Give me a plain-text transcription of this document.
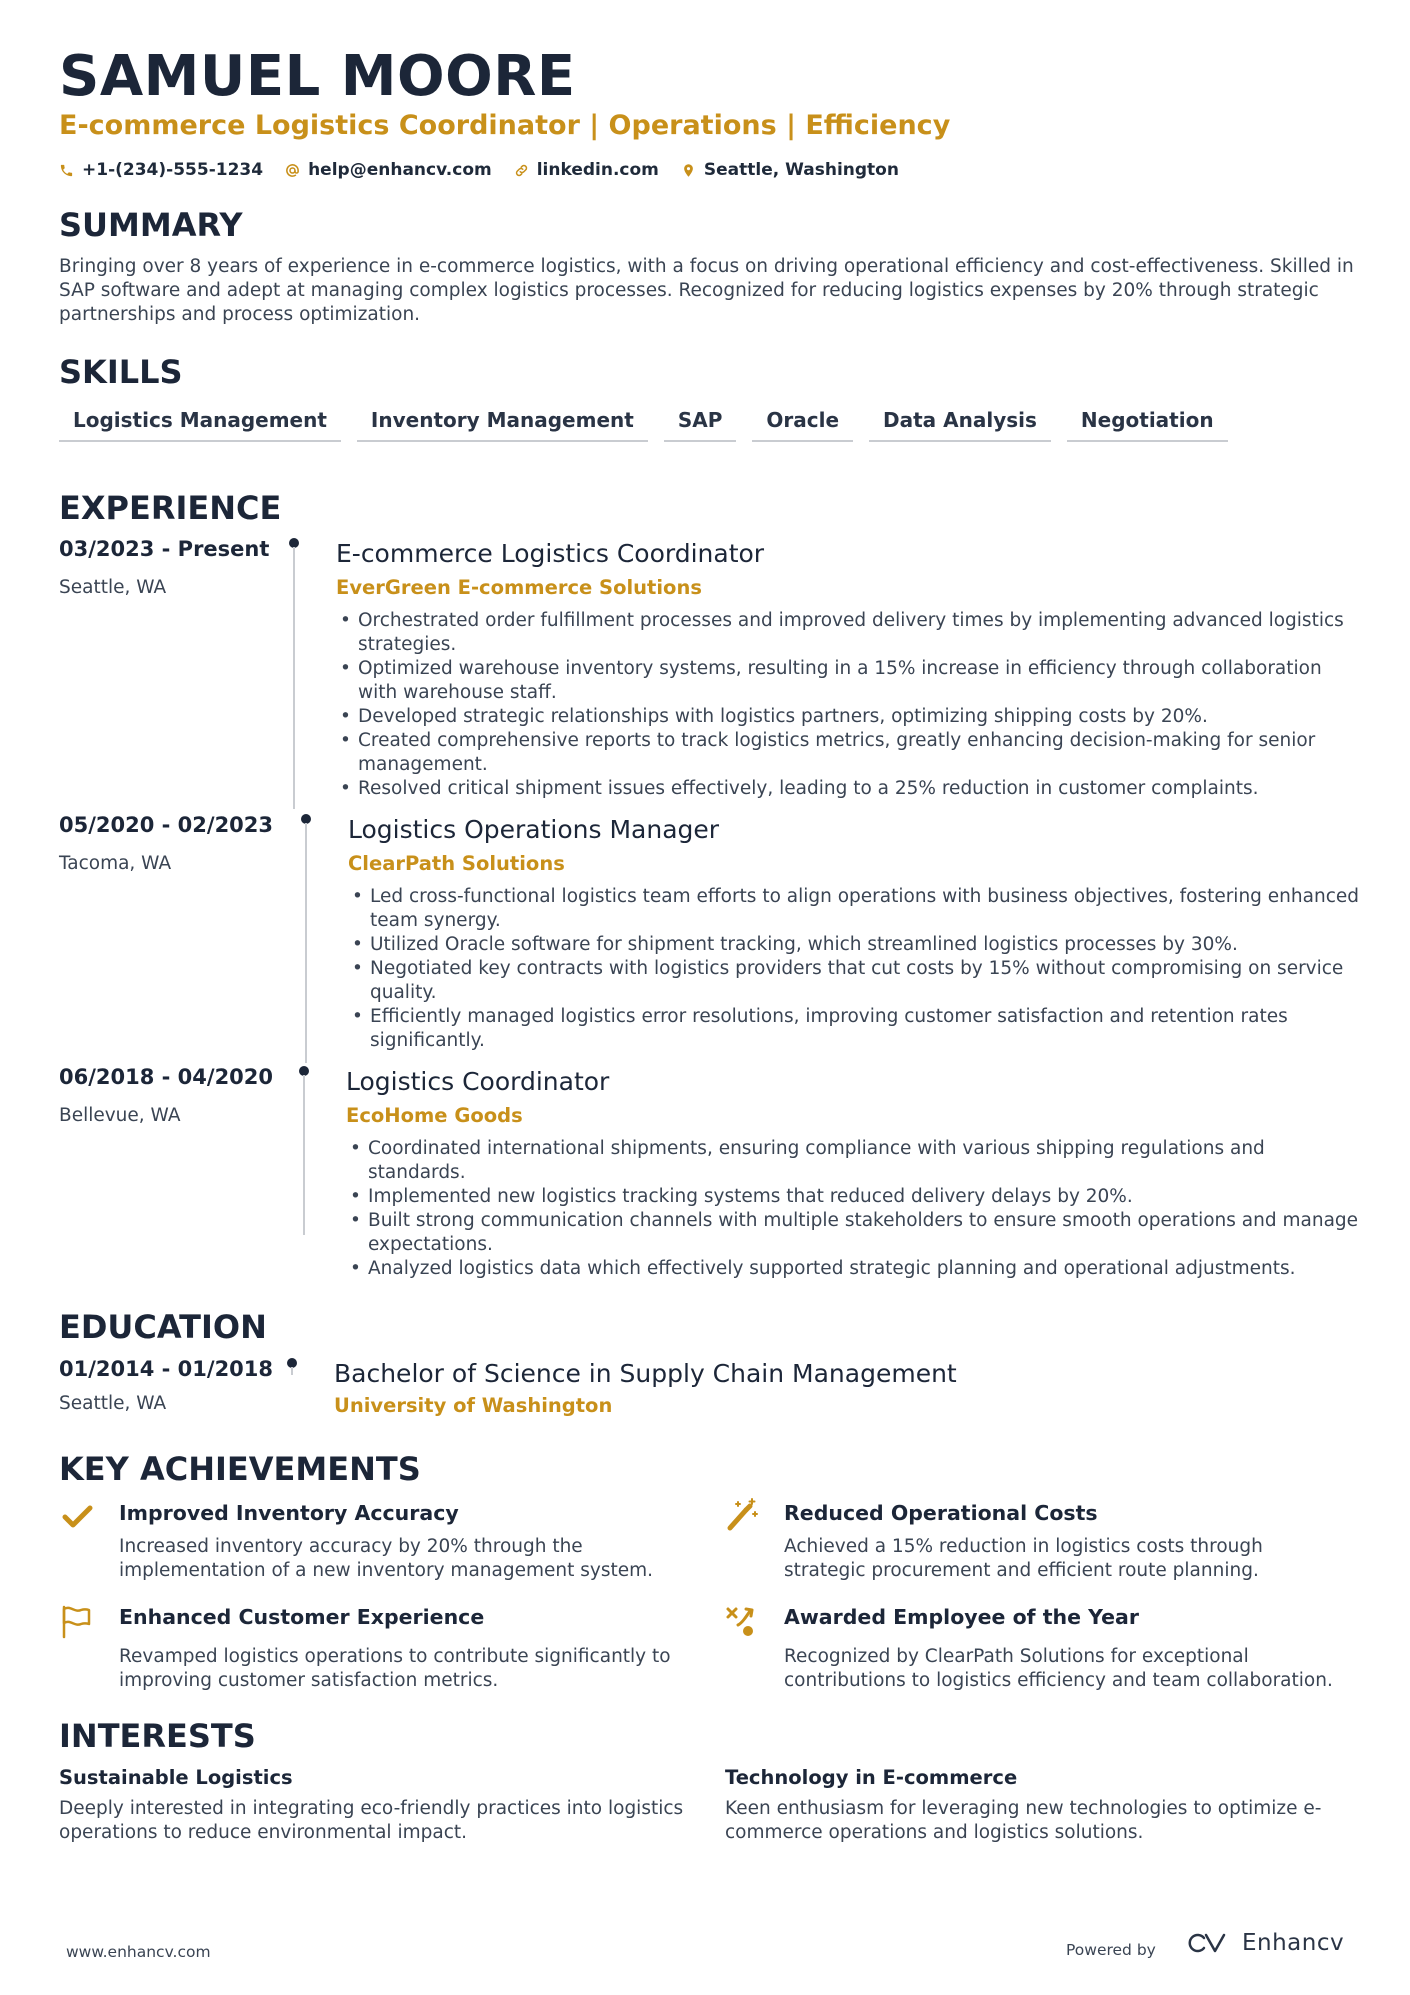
SAMUEL MOORE
E-commerce Logistics Coordinator | Operations | Efficiency
+1-(234)-555-1234	help@enhancv.com	linkedin.com	Seattle, Washington
SUMMARY
Bringing over 8 years of experience in e-commerce logistics, with a focus on driving operational efficiency and cost-effectiveness. Skilled in SAP software and adept at managing complex logistics processes. Recognized for reducing logistics expenses by 20% through strategic partnerships and process optimization.
SKILLS
Logistics Management	Inventory Management	SAP	Oracle	Data Analysis	Negotiation
EXPERIENCE
03/2023 - Present
Seattle, WA
E-commerce Logistics Coordinator
EverGreen E-commerce Solutions
• Orchestrated order fulfillment processes and improved delivery times by implementing advanced logistics strategies.
• Optimized warehouse inventory systems, resulting in a 15% increase in efficiency through collaboration with warehouse staff.
• Developed strategic relationships with logistics partners, optimizing shipping costs by 20%.
• Created comprehensive reports to track logistics metrics, greatly enhancing decision-making for senior management.
• Resolved critical shipment issues effectively, leading to a 25% reduction in customer complaints.
05/2020 - 02/2023
Tacoma, WA
Logistics Operations Manager
ClearPath Solutions
• Led cross-functional logistics team efforts to align operations with business objectives, fostering enhanced team synergy.
• Utilized Oracle software for shipment tracking, which streamlined logistics processes by 30%.
• Negotiated key contracts with logistics providers that cut costs by 15% without compromising on service quality.
• Efficiently managed logistics error resolutions, improving customer satisfaction and retention rates significantly.
06/2018 - 04/2020
Bellevue, WA
Logistics Coordinator
EcoHome Goods
• Coordinated international shipments, ensuring compliance with various shipping regulations and standards.
• Implemented new logistics tracking systems that reduced delivery delays by 20%.
• Built strong communication channels with multiple stakeholders to ensure smooth operations and manage expectations.
• Analyzed logistics data which effectively supported strategic planning and operational adjustments.
EDUCATION
01/2014 - 01/2018
Seattle, WA
Bachelor of Science in Supply Chain Management
University of Washington
KEY ACHIEVEMENTS
Improved Inventory Accuracy
Increased inventory accuracy by 20% through the implementation of a new inventory management system.
Reduced Operational Costs
Achieved a 15% reduction in logistics costs through strategic procurement and efficient route planning.
Enhanced Customer Experience
Revamped logistics operations to contribute significantly to improving customer satisfaction metrics.
Awarded Employee of the Year
Recognized by ClearPath Solutions for exceptional contributions to logistics efficiency and team collaboration.
INTERESTS
Sustainable Logistics
Deeply interested in integrating eco-friendly practices into logistics operations to reduce environmental impact.
Technology in E-commerce
Keen enthusiasm for leveraging new technologies to optimize e-commerce operations and logistics solutions.
www.enhancv.com	Powered by	Enhancv
